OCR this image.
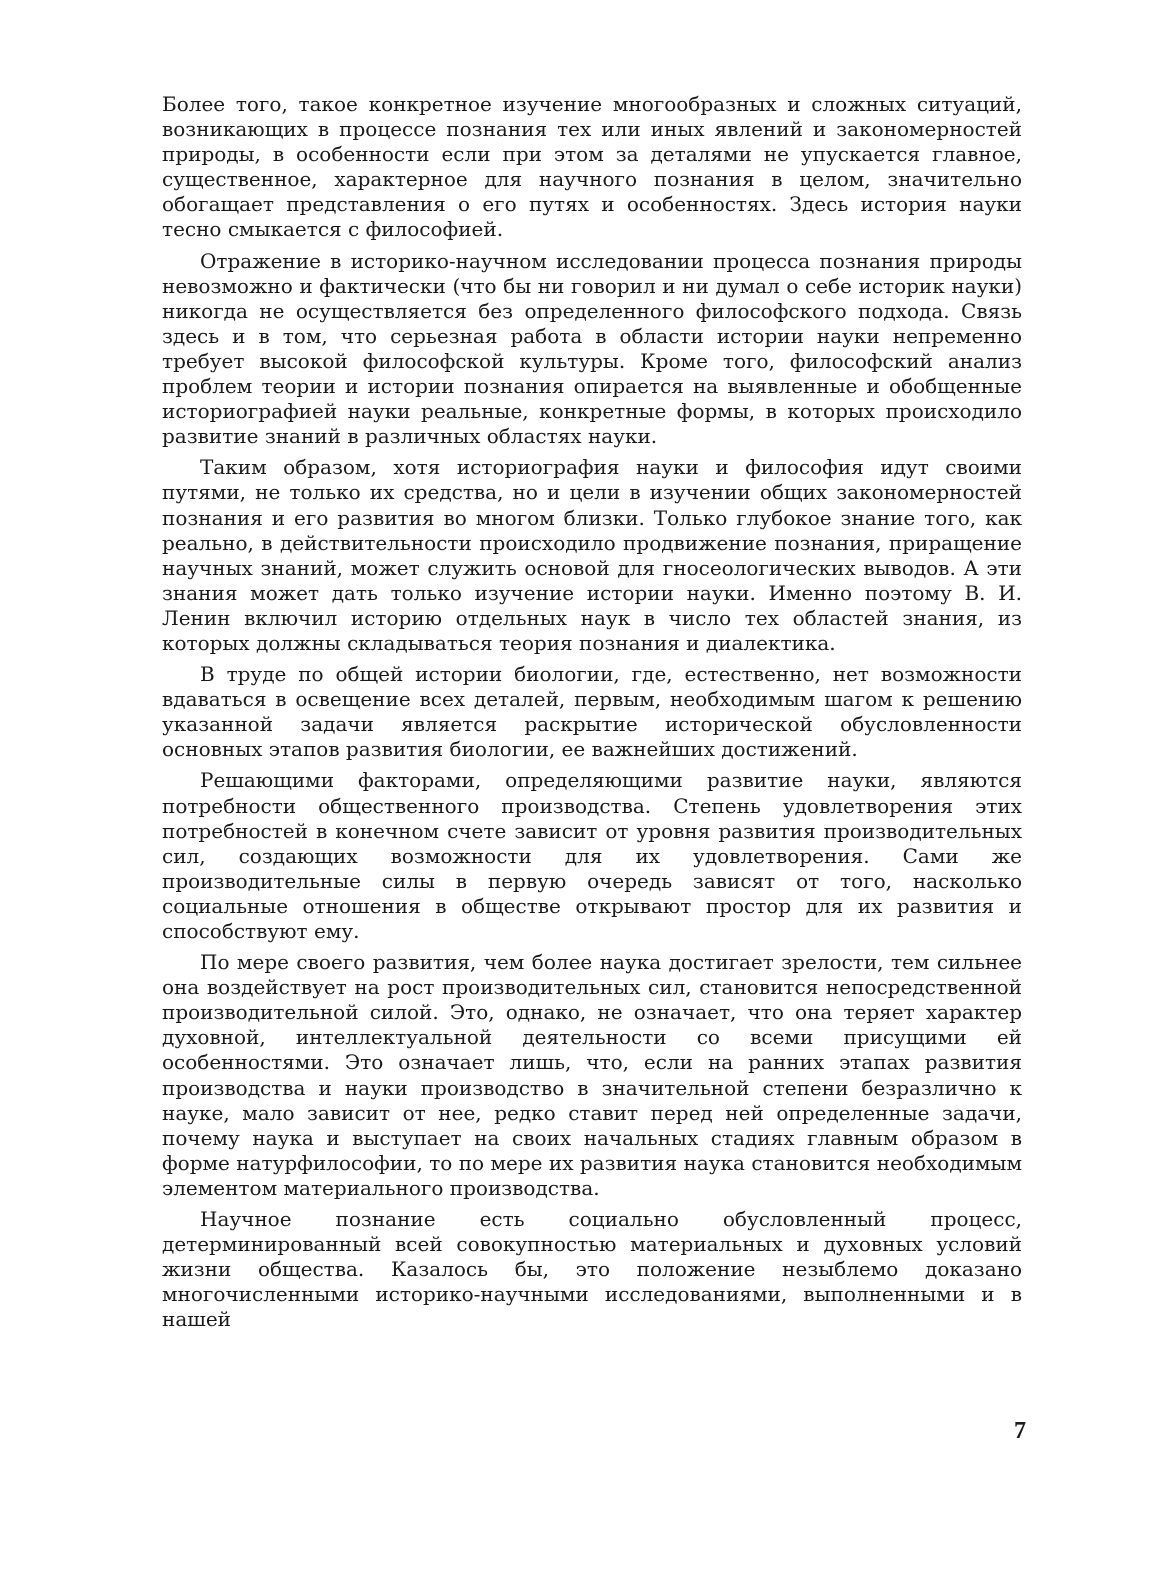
Более того, такое конкретное изучение многообразных и сложных ситуаций, возникающих в процессе познания тех или иных явлений и закономерностей природы, в особенности если при этом за деталями не упускается главное, существенное, характерное для научного познания в целом, значительно обогащает представления о его путях и особенностях. Здесь история науки тесно смыкается с философией.

Отражение в историко-научном исследовании процесса познания природы невозможно и фактически (что бы ни говорил и ни думал о себе историк науки) никогда не осуществляется без определенного философского подхода. Связь здесь и в том, что серьезная работа в области истории науки непременно требует высокой философской культуры. Кроме того, философский анализ проблем теории и истории познания опирается на выявленные и обобщенные историографией науки реальные, конкретные формы, в которых происходило развитие знаний в различных областях науки.

Таким образом, хотя историография науки и философия идут своими путями, не только их средства, но и цели в изучении общих закономерностей познания и его развития во многом близки. Только глубокое знание того, как реально, в действительности происходило продвижение познания, приращение научных знаний, может служить основой для гносеологических выводов. А эти знания может дать только изучение истории науки. Именно поэтому В. И. Ленин включил историю отдельных наук в число тех областей знания, из которых должны складываться теория познания и диалектика.

В труде по общей истории биологии, где, естественно, нет возможности вдаваться в освещение всех деталей, первым, необходимым шагом к решению указанной задачи является раскрытие исторической обусловленности основных этапов развития биологии, ее важнейших достижений.

Решающими факторами, определяющими развитие науки, являются потребности общественного производства. Степень удовлетворения этих потребностей в конечном счете зависит от уровня развития производительных сил, создающих возможности для их удовлетворения. Сами же производительные силы в первую очередь зависят от того, насколько социальные отношения в обществе открывают простор для их развития и способствуют ему.

По мере своего развития, чем более наука достигает зрелости, тем сильнее она воздействует на рост производительных сил, становится непосредственной производительной силой. Это, однако, не означает, что она теряет характер духовной, интеллектуальной деятельности со всеми присущими ей особенностями. Это означает лишь, что, если на ранних этапах развития производства и науки производство в значительной степени безразлично к науке, мало зависит от нее, редко ставит перед ней определенные задачи, почему наука и выступает на своих начальных стадиях главным образом в форме натурфилософии, то по мере их развития наука становится необходимым элементом материального производства.

Научное познание есть социально обусловленный процесс, детерминированный всей совокупностью материальных и духовных условий жизни общества. Казалось бы, это положение незыблемо доказано многочисленными историко-научными исследованиями, выполненными и в нашей

7
